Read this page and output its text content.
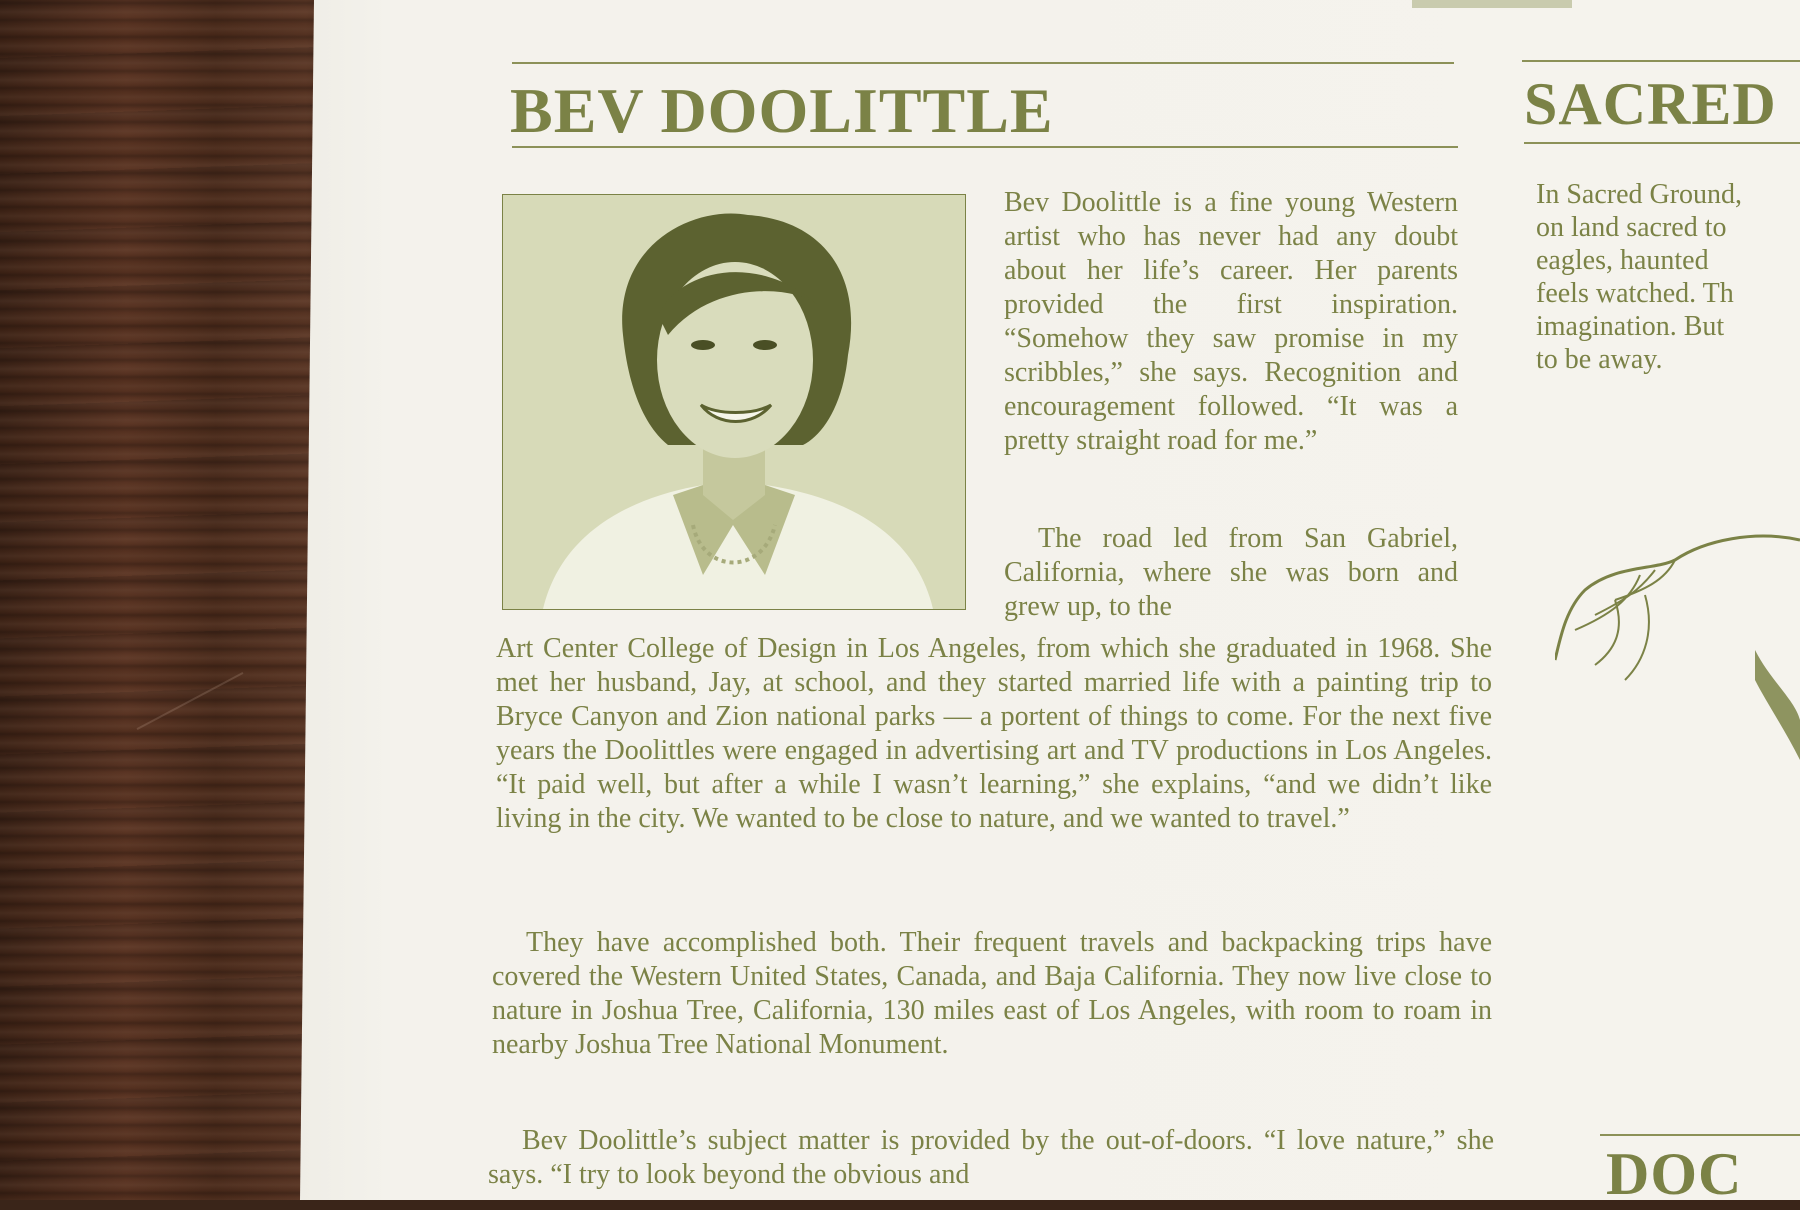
BEV DOOLITTLE

Bev Doolittle is a fine young Western artist who has never had any doubt about her life’s career. Her parents provided the first inspiration. “Somehow they saw promise in my scribbles,” she says. Recognition and encouragement followed. “It was a pretty straight road for me.”

The road led from San Gabriel, California, where she was born and grew up, to the

Art Center College of Design in Los Angeles, from which she graduated in 1968. She met her husband, Jay, at school, and they started married life with a painting trip to Bryce Canyon and Zion national parks — a portent of things to come. For the next five years the Doolittles were engaged in advertising art and TV productions in Los Angeles. “It paid well, but after a while I wasn’t learning,” she explains, “and we didn’t like living in the city. We wanted to be close to nature, and we wanted to travel.”

They have accomplished both. Their frequent travels and backpacking trips have covered the Western United States, Canada, and Baja California. They now live close to nature in Joshua Tree, California, 130 miles east of Los Angeles, with room to roam in nearby Joshua Tree National Monument.

Bev Doolittle’s subject matter is provided by the out-of-doors. “I love nature,” she says. “I try to look beyond the obvious and

SACRED
In Sacred Ground,
on land sacred to
eagles, haunted
feels watched. Th
imagination. But
to be away.
DOC
